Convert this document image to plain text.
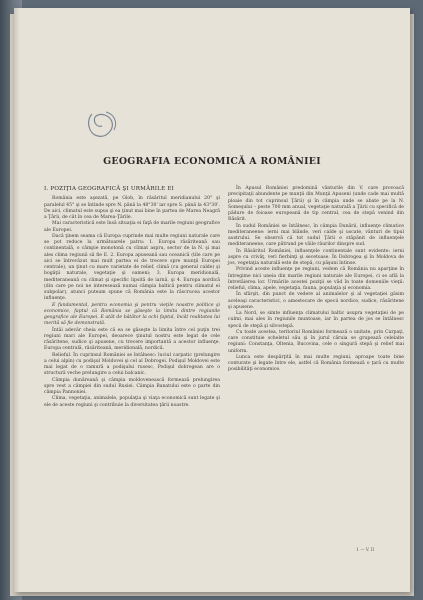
GEOGRAFIA ECONOMICĂ A ROMÂNIEI
I. POZIŢIA GEOGRAFICĂ ŞI URMĂRILE EI

România este aşezată, pe Glob, în răsăritul meridianului 20° şi paralelul 45° şi se întinde spre N. până la 48°30' iar spre S. până la 43°30'. De aici, climatul este supus şi ea ţinut mai bine în partea de Marea Neagră a Ţării, de cât în cea de Marea-Ţările.

Mai caracteristică este însă situaţia ei faţă de marile regiuni geografice ale Europei.

Dacă ţinem seama că Europa cuprinde mai multe regiuni naturale care se pot reduce la următoarele patru: 1. Europa răsăriteană sau continentală, o câmpie monotonă cu climat aspru, sector de la N. şi mai ales clima regiunii să fie E. 2. Europa apuseană sau oceanică (tile care pe aici se întrevăzut mai mult partea ei de trecere spre munţii Europei centrale), un ţinut cu mare varietate de relief, climă (cu general calde) şi bogăţii naturale, vegetaţie şi oameni; 3. Europa meridională, mediteraneană cu climat şi specific lipsită de iarnă, şi 4. Europa nordică (din care pe noi ne interesează numai câmpia baltică pentru climatul ei subpolar), atunci puteam spune că România este la răscrucea acestor influenţe.

E fundamental, pentru economia şi pentru vieţile noastre politice şi economice, faptul că România se găseşte la limita dintre regiunile geografice ale Europei. E atât de bătător la ochi faptul, încât realitatea lui merită să fie demonstrată.

Întâi adevăr cheia este că ea se găseşte la limita între cel puţin trei regiuni mari ale Europei, deoarece ţinutul nostru este legat de cele răsăritene, sudice şi apusene, cu trecere importantă a acestor influenţe. Europa centrală, răsăriteană, meridională, nordică.

Relieful. În cuprinsul României se întâlnesc: luciul carpatic (prelungire a celui alpin) cu podişul Moldovei şi cel al Dobrogei. Podişul Moldovei este mai legat de o ramură a podişului rusesc, Podişul dobrogean are o structură veche prelungire a celui balcanic.

Câmpia dunăreană şi câmpia moldovenească formează prelungirea spre vest a câmpiei din sudul Rusiei. Câmpia Banatului este o parte din câmpia Pannoniei.

Clima, vegetaţia, animalele, populaţia şi viaţa economică sunt legate şi ele de aceste regiuni şi contribuie la diversitatea ţării noastre.

În Apusul României predomină vânturile din V. care provoacă precipitaţii abundente pe munţii din Munţii Apuseni (unde cade mai multă ploaie din tot cuprinsul Ţării) şi în câmpia unde se abate pe la N. Someşului – peste 700 mm anual, vegetaţie naturală a Ţării cu specifică de pădure de foioase europeană de tip central, cea de stepă venind din Răsărit.

În sudul României se întâlnesc, în câmpia Dunării, influenţe climatice mediteraneene: ierni mai blânde, veri calde şi uscate, vânturi de tipul austrului. Se observă că tot sudul Ţării e stăpânit de influenţele mediteraneene, care pătrund pe văile râurilor dinspre sud.

În Răsăritul României, influenţele continentale sunt evidente: ierni aspre cu crivăţ, veri fierbinţi şi secetoase. În Dobrogea şi în Moldova de jos, vegetaţia naturală este de stepă, cu păşuni întinse.

Privind aceste influenţe pe regiuni, vedem că România nu aparţine în întregime nici uneia din marile regiuni naturale ale Europei, ci se află la întretăierea lor. Urmările acestei poziţii se văd în toate domeniile vieţii: relieful, clima, apele, vegetaţia, fauna, populaţia şi economia.

În sfârşit, din punct de vedere al animalelor şi al vegetaţiei găsim aceleaşi caracteristici, o amestecare de specii nordice, sudice, răsăritene şi apusene.

La Nord, se simte influenţa climatului baltic asupra vegetaţiei de pe culmi, mai ales în regiunile muntoase, iar în partea de jos se întâlnesc specii de stepă şi silvostepă.

Cu toate acestea, teritoriul României formează o unitate, prin Carpaţi, care constituie scheletul său şi în jurul căruia se grupează celelalte regiuni: Constanţa, Oltenia, Bucovina, cele o singură stepă şi relief mai uniform.

Lunca este despărţită în mai multe regiuni, aproape toate bine conturate şi legate între ele, astfel că România formează o ţară cu multe posibilităţi economice.

1 — V. II
